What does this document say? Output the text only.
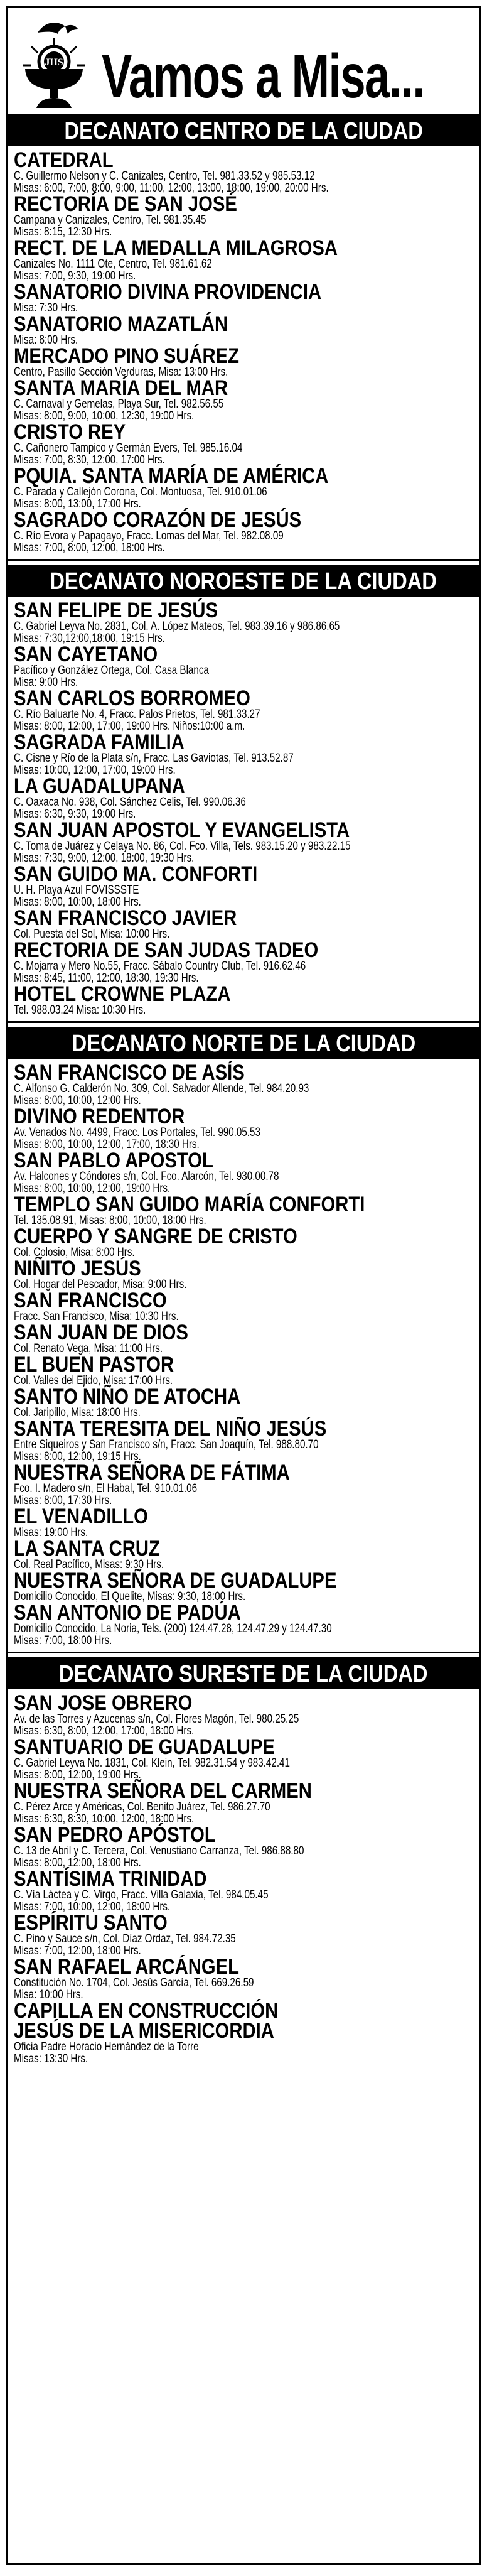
JHS Vamos a Misa...
DECANATO CENTRO DE LA CIUDAD
CATEDRAL
C. Guillermo Nelson y C. Canizales, Centro, Tel. 981.33.52 y 985.53.12
Misas: 6:00, 7:00, 8:00, 9:00, 11:00, 12:00, 13:00, 18:00, 19:00, 20:00 Hrs.
RECTORÍA DE SAN JOSÉ
Campana y Canizales, Centro, Tel. 981.35.45
Misas: 8:15, 12:30 Hrs.
RECT. DE LA MEDALLA MILAGROSA
Canizales No. 1111 Ote, Centro, Tel. 981.61.62
Misas: 7:00, 9:30, 19:00 Hrs.
SANATORIO DIVINA PROVIDENCIA
Misa: 7:30 Hrs.
SANATORIO MAZATLÁN
Misa: 8:00 Hrs.
MERCADO PINO SUÁREZ
Centro, Pasillo Sección Verduras, Misa: 13:00 Hrs.
SANTA MARÍA DEL MAR
C. Carnaval y Gemelas, Playa Sur, Tel. 982.56.55
Misas: 8:00, 9:00, 10:00, 12:30, 19:00 Hrs.
CRISTO REY
C. Cañonero Tampico y Germán Evers, Tel. 985.16.04
Misas: 7:00, 8:30, 12:00, 17:00 Hrs.
PQUIA. SANTA MARÍA DE AMÉRICA
C. Parada y Callejón Corona, Col. Montuosa, Tel. 910.01.06
Misas: 8:00, 13:00, 17:00 Hrs.
SAGRADO CORAZÓN DE JESÚS
C. Río Evora y Papagayo, Fracc. Lomas del Mar, Tel. 982.08.09
Misas: 7:00, 8:00, 12:00, 18:00 Hrs.
DECANATO NOROESTE DE LA CIUDAD
SAN FELIPE DE JESÚS
C. Gabriel Leyva No. 2831, Col. A. López Mateos, Tel. 983.39.16 y 986.86.65
Misas: 7:30,12:00,18:00, 19:15 Hrs.
SAN CAYETANO
Pacífico y González Ortega, Col. Casa Blanca
Misa: 9:00 Hrs.
SAN CARLOS BORROMEO
C. Río Baluarte No. 4, Fracc. Palos Prietos, Tel. 981.33.27
Misas: 8:00, 12:00, 17:00, 19:00 Hrs. Niños:10:00 a.m.
SAGRADA FAMILIA
C. Cisne y Río de la Plata s/n, Fracc. Las Gaviotas, Tel. 913.52.87
Misas: 10:00, 12:00, 17:00, 19:00 Hrs.
LA GUADALUPANA
C. Oaxaca No. 938, Col. Sánchez Celis, Tel. 990.06.36
Misas: 6:30, 9:30, 19:00 Hrs.
SAN JUAN APOSTOL Y EVANGELISTA
C. Toma de Juárez y Celaya No. 86, Col. Fco. Villa, Tels. 983.15.20 y 983.22.15
Misas: 7:30, 9:00, 12:00, 18:00, 19:30 Hrs.
SAN GUIDO MA. CONFORTI
U. H. Playa Azul FOVISSSTE
Misas: 8:00, 10:00, 18:00 Hrs.
SAN FRANCISCO JAVIER
Col. Puesta del Sol, Misa: 10:00 Hrs.
RECTORIA DE SAN JUDAS TADEO
C. Mojarra y Mero No.55, Fracc. Sábalo Country Club, Tel. 916.62.46
Misas: 8:45, 11:00, 12:00, 18:30, 19:30 Hrs.
HOTEL CROWNE PLAZA
Tel. 988.03.24 Misa: 10:30 Hrs.
DECANATO NORTE DE LA CIUDAD
SAN FRANCISCO DE ASÍS
C. Alfonso G. Calderón No. 309, Col. Salvador Allende, Tel. 984.20.93
Misas: 8:00, 10:00, 12:00 Hrs.
DIVINO REDENTOR
Av. Venados No. 4499, Fracc. Los Portales, Tel. 990.05.53
Misas: 8:00, 10:00, 12:00, 17:00, 18:30 Hrs.
SAN PABLO APOSTOL
Av. Halcones y Cóndores s/n, Col. Fco. Alarcón, Tel. 930.00.78
Misas: 8:00, 10:00, 12:00, 19:00 Hrs.
TEMPLO SAN GUIDO MARÍA CONFORTI
Tel. 135.08.91, Misas: 8:00, 10:00, 18:00 Hrs.
CUERPO Y SANGRE DE CRISTO
Col. Colosio, Misa: 8:00 Hrs.
NIÑITO JESÚS
Col. Hogar del Pescador, Misa: 9:00 Hrs.
SAN FRANCISCO
Fracc. San Francisco, Misa: 10:30 Hrs.
SAN JUAN DE DIOS
Col. Renato Vega, Misa: 11:00 Hrs.
EL BUEN PASTOR
Col. Valles del Ejido, Misa: 17:00 Hrs.
SANTO NIÑO DE ATOCHA
Col. Jaripillo, Misa: 18:00 Hrs.
SANTA TERESITA DEL NIÑO JESÚS
Entre Siqueiros y San Francisco s/n, Fracc. San Joaquín, Tel. 988.80.70
Misas: 8:00, 12:00, 19:15 Hrs.
NUESTRA SEÑORA DE FÁTIMA
Fco. I. Madero s/n, El Habal, Tel. 910.01.06
Misas: 8:00, 17:30 Hrs.
EL VENADILLO
Misas: 19:00 Hrs.
LA SANTA CRUZ
Col. Real Pacífico, Misas: 9:30 Hrs.
NUESTRA SEÑORA DE GUADALUPE
Domicilio Conocido, El Quelite, Misas: 9:30, 18:00 Hrs.
SAN ANTONIO DE PADÚA
Domicilio Conocido, La Noria, Tels. (200) 124.47.28, 124.47.29 y 124.47.30
Misas: 7:00, 18:00 Hrs.
DECANATO SURESTE DE LA CIUDAD
SAN JOSE OBRERO
Av. de las Torres y Azucenas s/n, Col. Flores Magón, Tel. 980.25.25
Misas: 6:30, 8:00, 12:00, 17:00, 18:00 Hrs.
SANTUARIO DE GUADALUPE
C. Gabriel Leyva No. 1831, Col. Klein, Tel. 982.31.54 y 983.42.41
Misas: 8:00, 12:00, 19:00 Hrs.
NUESTRA SEÑORA DEL CARMEN
C. Pérez Arce y Américas, Col. Benito Juárez, Tel. 986.27.70
Misas: 6:30, 8:30, 10:00, 12:00, 18:00 Hrs.
SAN PEDRO APÓSTOL
C. 13 de Abril y C. Tercera, Col. Venustiano Carranza, Tel. 986.88.80
Misas: 8:00, 12:00, 18:00 Hrs.
SANTÍSIMA TRINIDAD
C. Vía Láctea y C. Virgo, Fracc. Villa Galaxia, Tel. 984.05.45
Misas: 7:00, 10:00, 12:00, 18:00 Hrs.
ESPÍRITU SANTO
C. Pino y Sauce s/n, Col. Díaz Ordaz, Tel. 984.72.35
Misas: 7:00, 12:00, 18:00 Hrs.
SAN RAFAEL ARCÁNGEL
Constitución No. 1704, Col. Jesús García, Tel. 669.26.59
Misa: 10:00 Hrs.
CAPILLA EN CONSTRUCCIÓN
JESÚS DE LA MISERICORDIA
Oficia Padre Horacio Hernández de la Torre
Misas: 13:30 Hrs.
